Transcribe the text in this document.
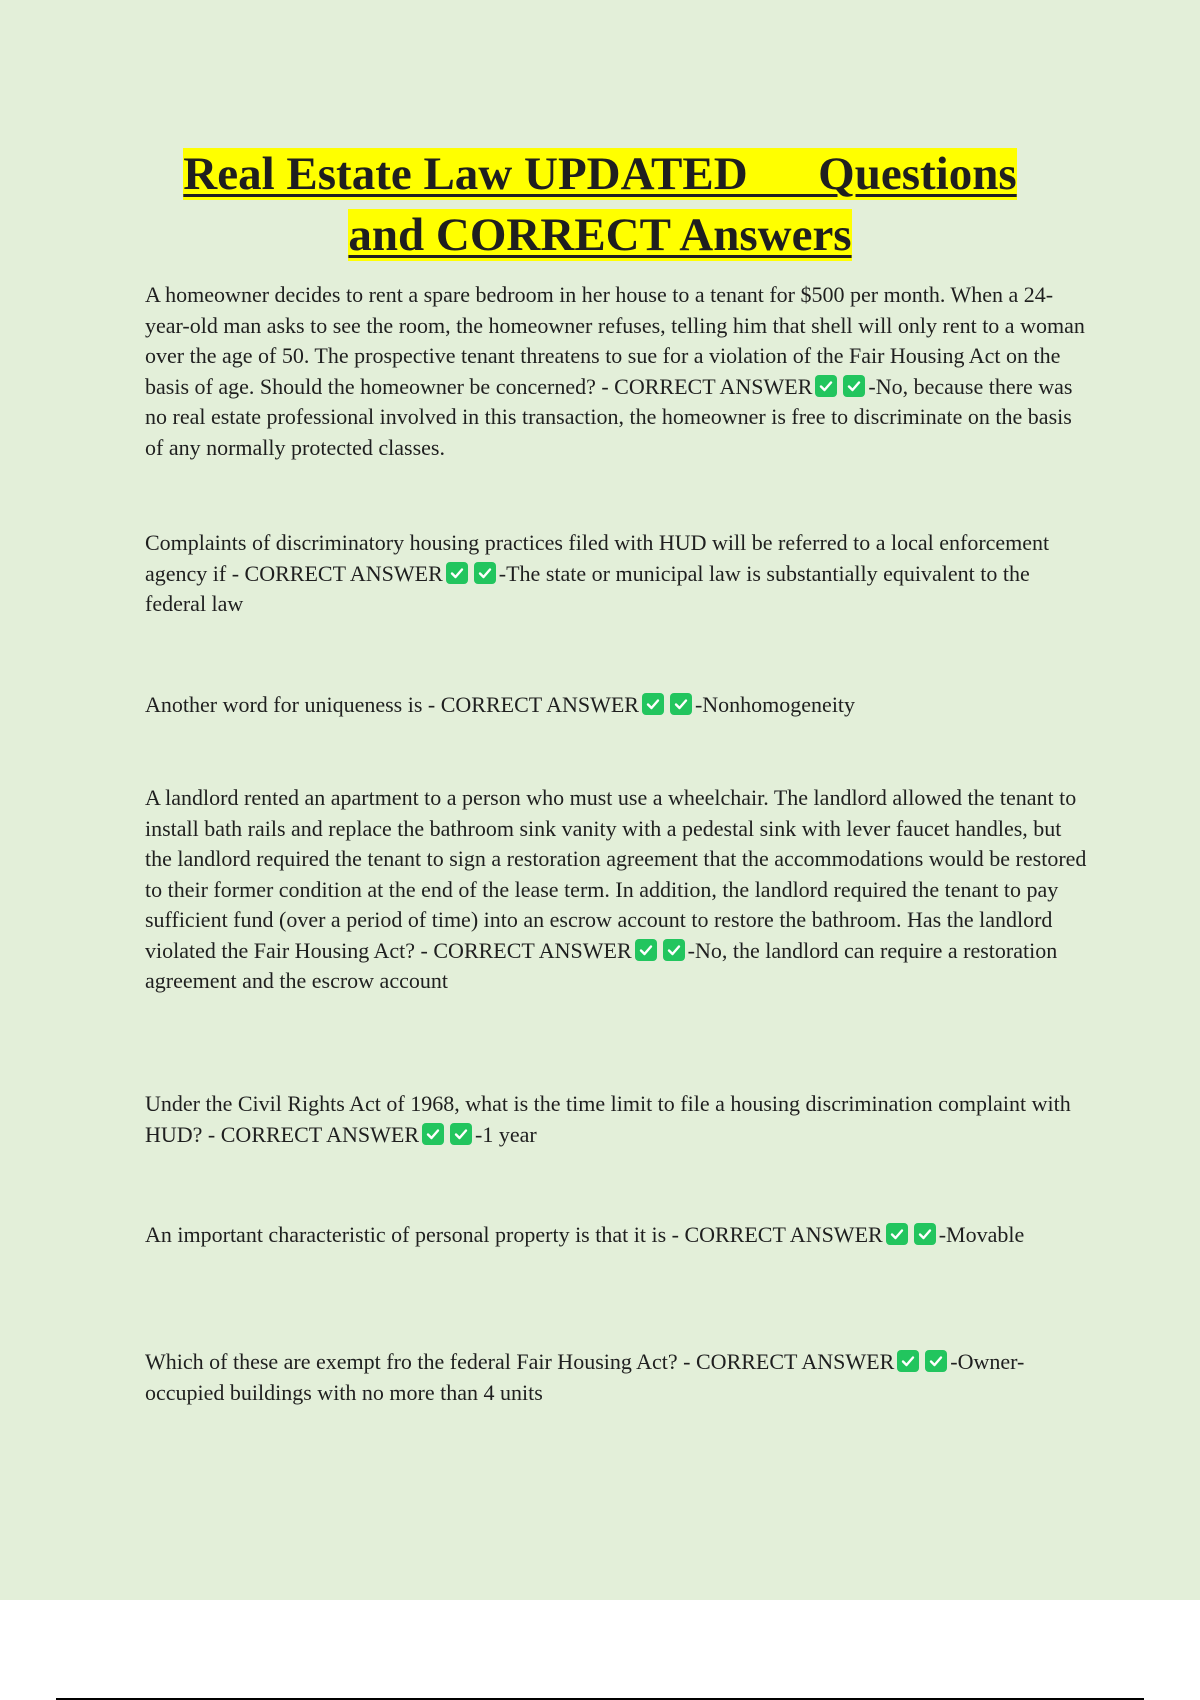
Real Estate Law UPDATED      Questions
and CORRECT Answers

A homeowner decides to rent a spare bedroom in her house to a tenant for $500 per month. When a 24-year-old man asks to see the room, the homeowner refuses, telling him that shell will only rent to a woman over the age of 50. The prospective tenant threatens to sue for a violation of the Fair Housing Act on the basis of age. Should the homeowner be concerned? - CORRECT ANSWER	-No, because there was no real estate professional involved in this transaction, the homeowner is free to discriminate on the basis of any normally protected classes.

Complaints of discriminatory housing practices filed with HUD will be referred to a local enforcement agency if - CORRECT ANSWER	-The state or municipal law is substantially equivalent to the federal law

Another word for uniqueness is - CORRECT ANSWER	-Nonhomogeneity

A landlord rented an apartment to a person who must use a wheelchair. The landlord allowed the tenant to install bath rails and replace the bathroom sink vanity with a pedestal sink with lever faucet handles, but the landlord required the tenant to sign a restoration agreement that the accommodations would be restored to their former condition at the end of the lease term. In addition, the landlord required the tenant to pay sufficient fund (over a period of time) into an escrow account to restore the bathroom. Has the landlord violated the Fair Housing Act? - CORRECT ANSWER	-No, the landlord can require a restoration agreement and the escrow account

Under the Civil Rights Act of 1968, what is the time limit to file a housing discrimination complaint with HUD? - CORRECT ANSWER	-1 year

An important characteristic of personal property is that it is - CORRECT ANSWER	-Movable

Which of these are exempt fro the federal Fair Housing Act? - CORRECT ANSWER	-Owner-occupied buildings with no more than 4 units
